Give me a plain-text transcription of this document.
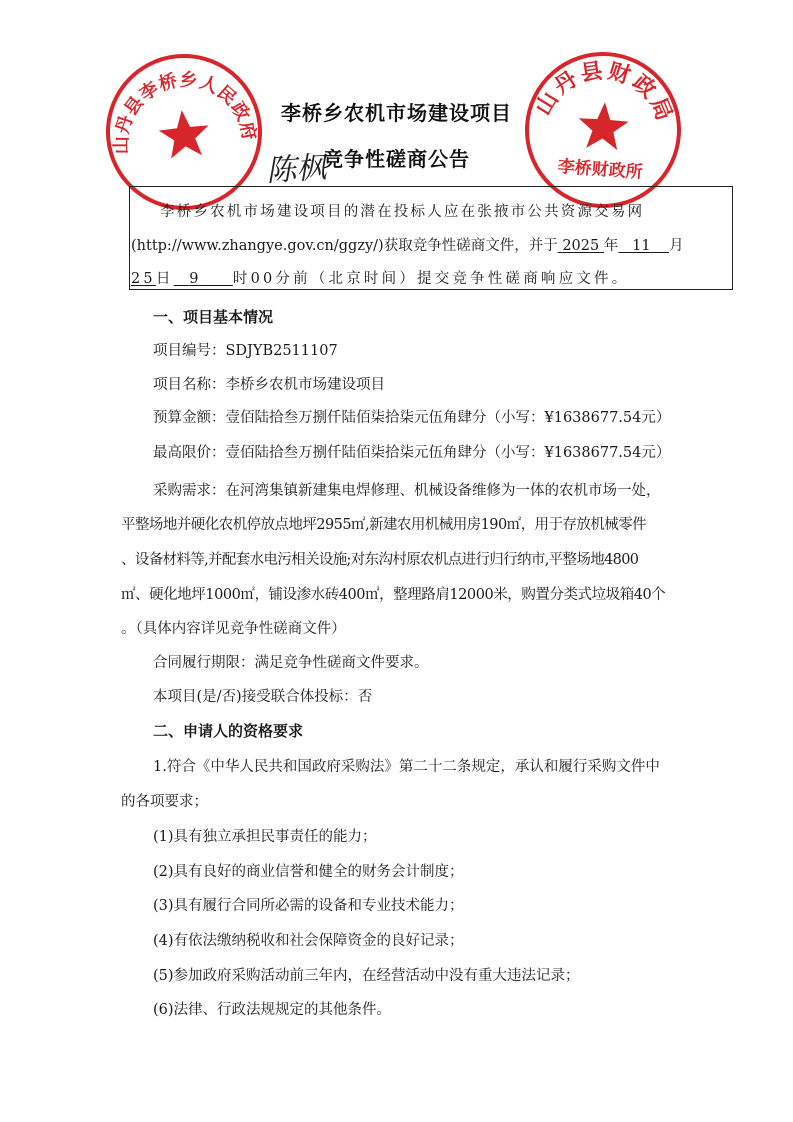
山丹县李桥乡人民政府
山丹县财政局
李桥财政所
陈枫
李桥乡农机市场建设项目
竞争性磋商公告
李桥乡农机市场建设项目的潜在投标人应在张掖市公共资源交易网
(http://www.zhangye.gov.cn/ggzy/)获取竞争性磋商文件，并于 2025 年 11 月
25日 9 时00分前（北京时间）提交竞争性磋商响应文件。
一、项目基本情况
项目编号：SDJYB2511107
项目名称：李桥乡农机市场建设项目
预算金额：壹佰陆拾叁万捌仟陆佰柒拾柒元伍角肆分（小写：¥1638677.54元）
最高限价：壹佰陆拾叁万捌仟陆佰柒拾柒元伍角肆分（小写：¥1638677.54元）
采购需求：在河湾集镇新建集电焊修理、机械设备维修为一体的农机市场一处，
平整场地并硬化农机停放点地坪2955㎡,新建农用机械用房190㎡，用于存放机械零件
、设备材料等,并配套水电污相关设施;对东沟村原农机点进行归行纳市,平整场地4800
㎡、硬化地坪1000㎡，铺设渗水砖400㎡，整理路肩12000米，购置分类式垃圾箱40个
。（具体内容详见竞争性磋商文件）
合同履行期限：满足竞争性磋商文件要求。
本项目(是/否)接受联合体投标：否
二、申请人的资格要求
1.符合《中华人民共和国政府采购法》第二十二条规定，承认和履行采购文件中
的各项要求；
(1)具有独立承担民事责任的能力；
(2)具有良好的商业信誉和健全的财务会计制度；
(3)具有履行合同所必需的设备和专业技术能力；
(4)有依法缴纳税收和社会保障资金的良好记录；
(5)参加政府采购活动前三年内，在经营活动中没有重大违法记录；
(6)法律、行政法规规定的其他条件。
